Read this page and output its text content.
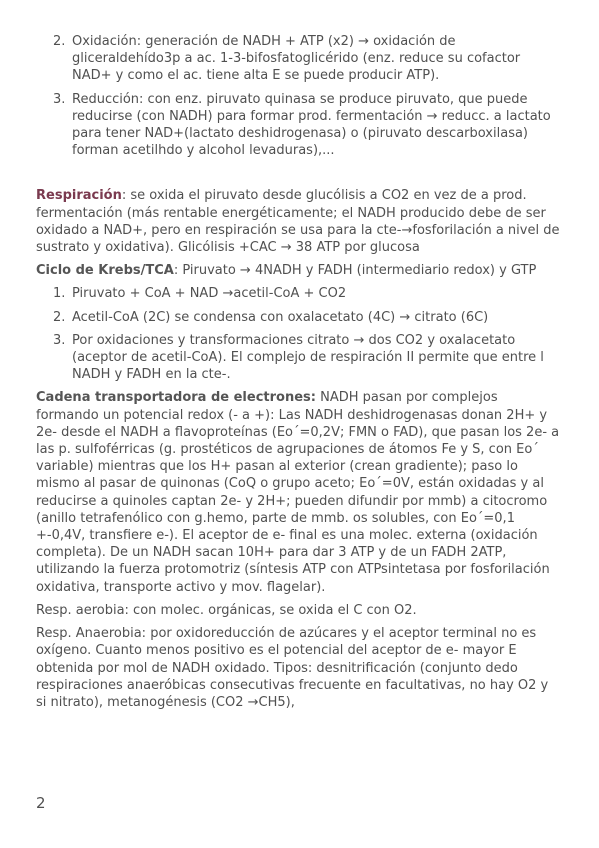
2. Oxidación: generación de NADH + ATP (x2) → oxidación de gliceraldehído3p a ac. 1-3-bifosfatoglicérido (enz. reduce su cofactor NAD+ y como el ac. tiene alta E se puede producir ATP).
3. Reducción: con enz. piruvato quinasa se produce piruvato, que puede reducirse (con NADH) para formar prod. fermentación → reducc. a lactato para tener NAD+(lactato deshidrogenasa) o (piruvato descarboxilasa) forman acetilhdo y alcohol levaduras),...

Respiración: se oxida el piruvato desde glucólisis a CO2 en vez de a prod. fermentación (más rentable energéticamente; el NADH producido debe de ser oxidado a NAD+, pero en respiración se usa para la cte-→fosforilación a nivel de sustrato y oxidativa). Glicólisis +CAC → 38 ATP por glucosa

Ciclo de Krebs/TCA: Piruvato → 4NADH y FADH (intermediario redox) y GTP

1. Piruvato + CoA + NAD →acetil-CoA + CO2
2. Acetil-CoA (2C) se condensa con oxalacetato (4C) → citrato (6C)
3. Por oxidaciones y transformaciones citrato → dos CO2 y oxalacetato (aceptor de acetil-CoA). El complejo de respiración II permite que entre l NADH y FADH en la cte-.

Cadena transportadora de electrones: NADH pasan por complejos formando un potencial redox (- a +): Las NADH deshidrogenasas donan 2H+ y 2e- desde el NADH a flavoproteínas (Eo´=0,2V; FMN o FAD), que pasan los 2e- a las p. sulfoférricas (g. prostéticos de agrupaciones de átomos Fe y S, con Eo´ variable) mientras que los H+ pasan al exterior (crean gradiente); paso lo mismo al pasar de quinonas (CoQ o grupo aceto; Eo´=0V, están oxidadas y al reducirse a quinoles captan 2e- y 2H+; pueden difundir por mmb) a citocromo (anillo tetrafenólico con g.hemo, parte de mmb. os solubles, con Eo´=0,1 +-0,4V, transfiere e-). El aceptor de e- final es una molec. externa (oxidación completa). De un NADH sacan 10H+ para dar 3 ATP y de un FADH 2ATP, utilizando la fuerza protomotriz (síntesis ATP con ATPsintetasa por fosforilación oxidativa, transporte activo y mov. flagelar).

Resp. aerobia: con molec. orgánicas, se oxida el C con O2.

Resp. Anaerobia: por oxidoreducción de azúcares y el aceptor terminal no es oxígeno. Cuanto menos positivo es el potencial del aceptor de e- mayor E obtenida por mol de NADH oxidado. Tipos: desnitrificación (conjunto dedo respiraciones anaeróbicas consecutivas frecuente en facultativas, no hay O2 y si nitrato), metanogénesis (CO2 →CH5),

2
